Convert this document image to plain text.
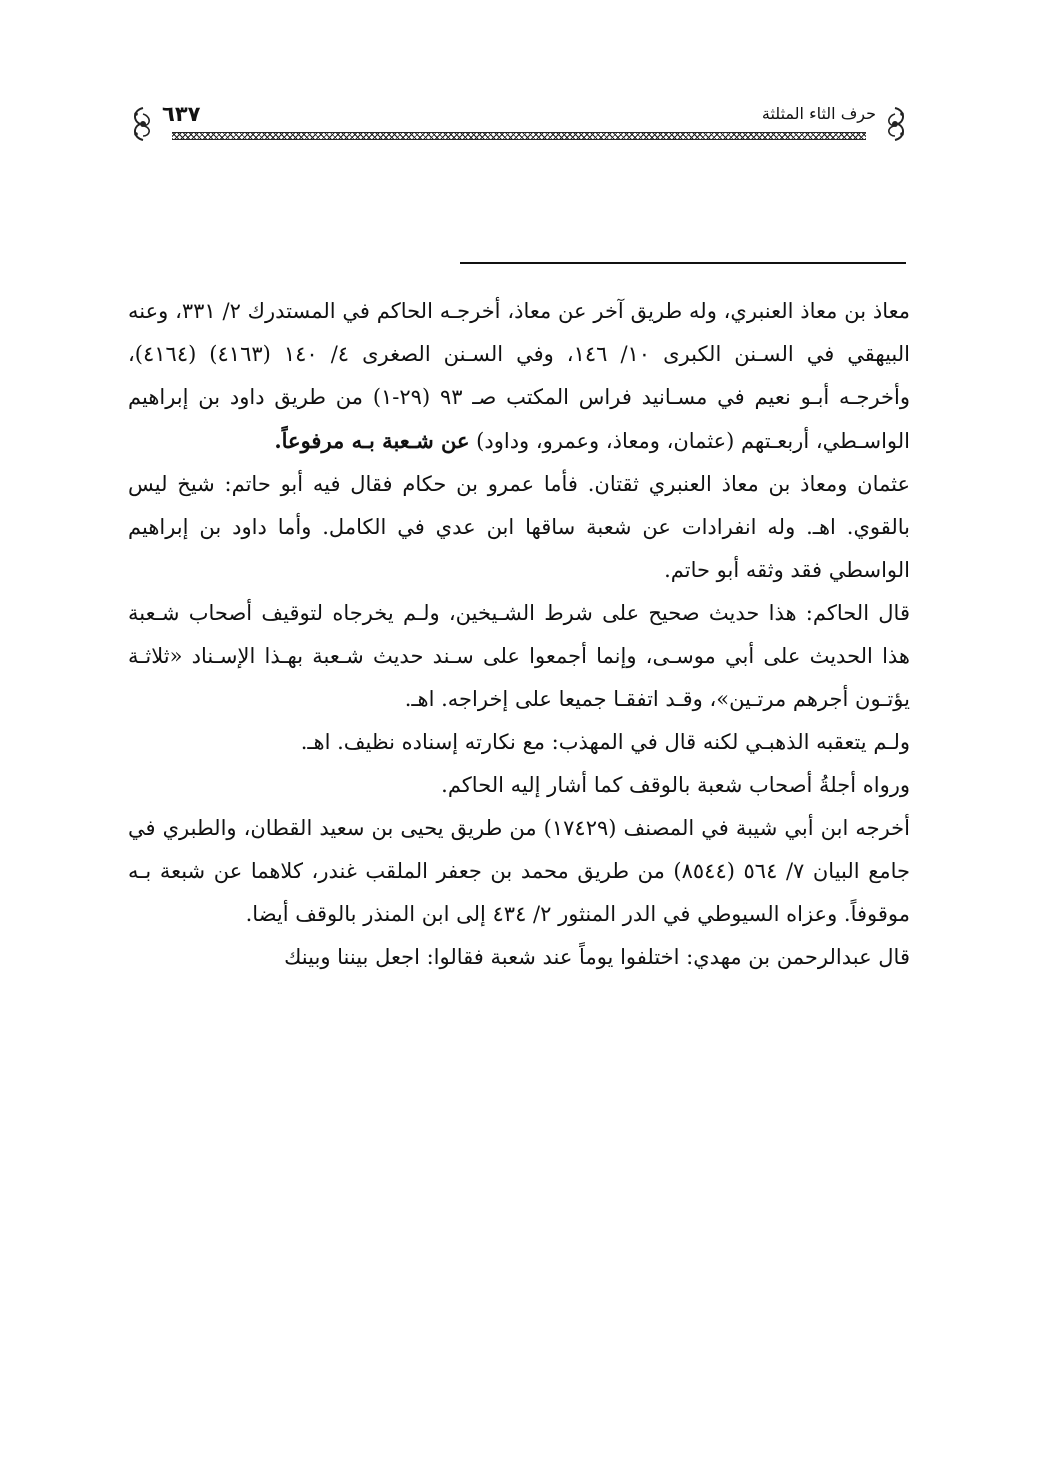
٦٣٧	حرف الثاء المثلثة

معاذ بن معاذ العنبري، وله طريق آخر عن معاذ، أخرجـه الحاكم في المستدرك ٢/ ٣٣١، وعنه البيهقي في السـنن الكبرى ١٠/ ١٤٦، وفي السـنن الصغرى ٤/ ١٤٠ (٤١٦٣) (٤١٦٤)، وأخرجـه أبـو نعيم في مسـانيد فراس المكتب صـ ٩٣ (٢٩-١) من طريق داود بن إبراهيم الواسـطي، أربعـتهم (عثمان، ومعاذ، وعمرو، وداود) عن شـعبة بـه مرفوعاً.

عثمان ومعاذ بن معاذ العنبري ثقتان. فأما عمرو بن حكام فقال فيه أبو حاتم: شيخ ليس بالقوي. اهـ. وله انفرادات عن شعبة ساقها ابن عدي في الكامل. وأما داود بن إبراهيم الواسطي فقد وثقه أبو حاتم.

قال الحاكم: هذا حديث صحيح على شرط الشـيخين، ولـم يخرجاه لتوقيف أصحاب شـعبة هذا الحديث على أبي موسـى، وإنما أجمعوا على سـند حديث شـعبة بهـذا الإسـناد «ثلاثـة يؤتـون أجرهم مرتـين»، وقـد اتفقـا جميعا على إخراجه. اهـ.

ولـم يتعقبه الذهبـي لكنه قال في المهذب: مع نكارته إسناده نظيف. اهـ.

ورواه أجلةُ أصحاب شعبة بالوقف كما أشار إليه الحاكم.

أخرجه ابن أبي شيبة في المصنف (١٧٤٢٩) من طريق يحيى بن سعيد القطان، والطبري في جامع البيان ٧/ ٥٦٤ (٨٥٤٤) من طريق محمد بن جعفر الملقب غندر، كلاهما عن شبعة بـه موقوفاً. وعزاه السيوطي في الدر المنثور ٢/ ٤٣٤ إلى ابن المنذر بالوقف أيضا.

قال عبدالرحمن بن مهدي: اختلفوا يوماً عند شعبة فقالوا: اجعل بيننا وبينك
